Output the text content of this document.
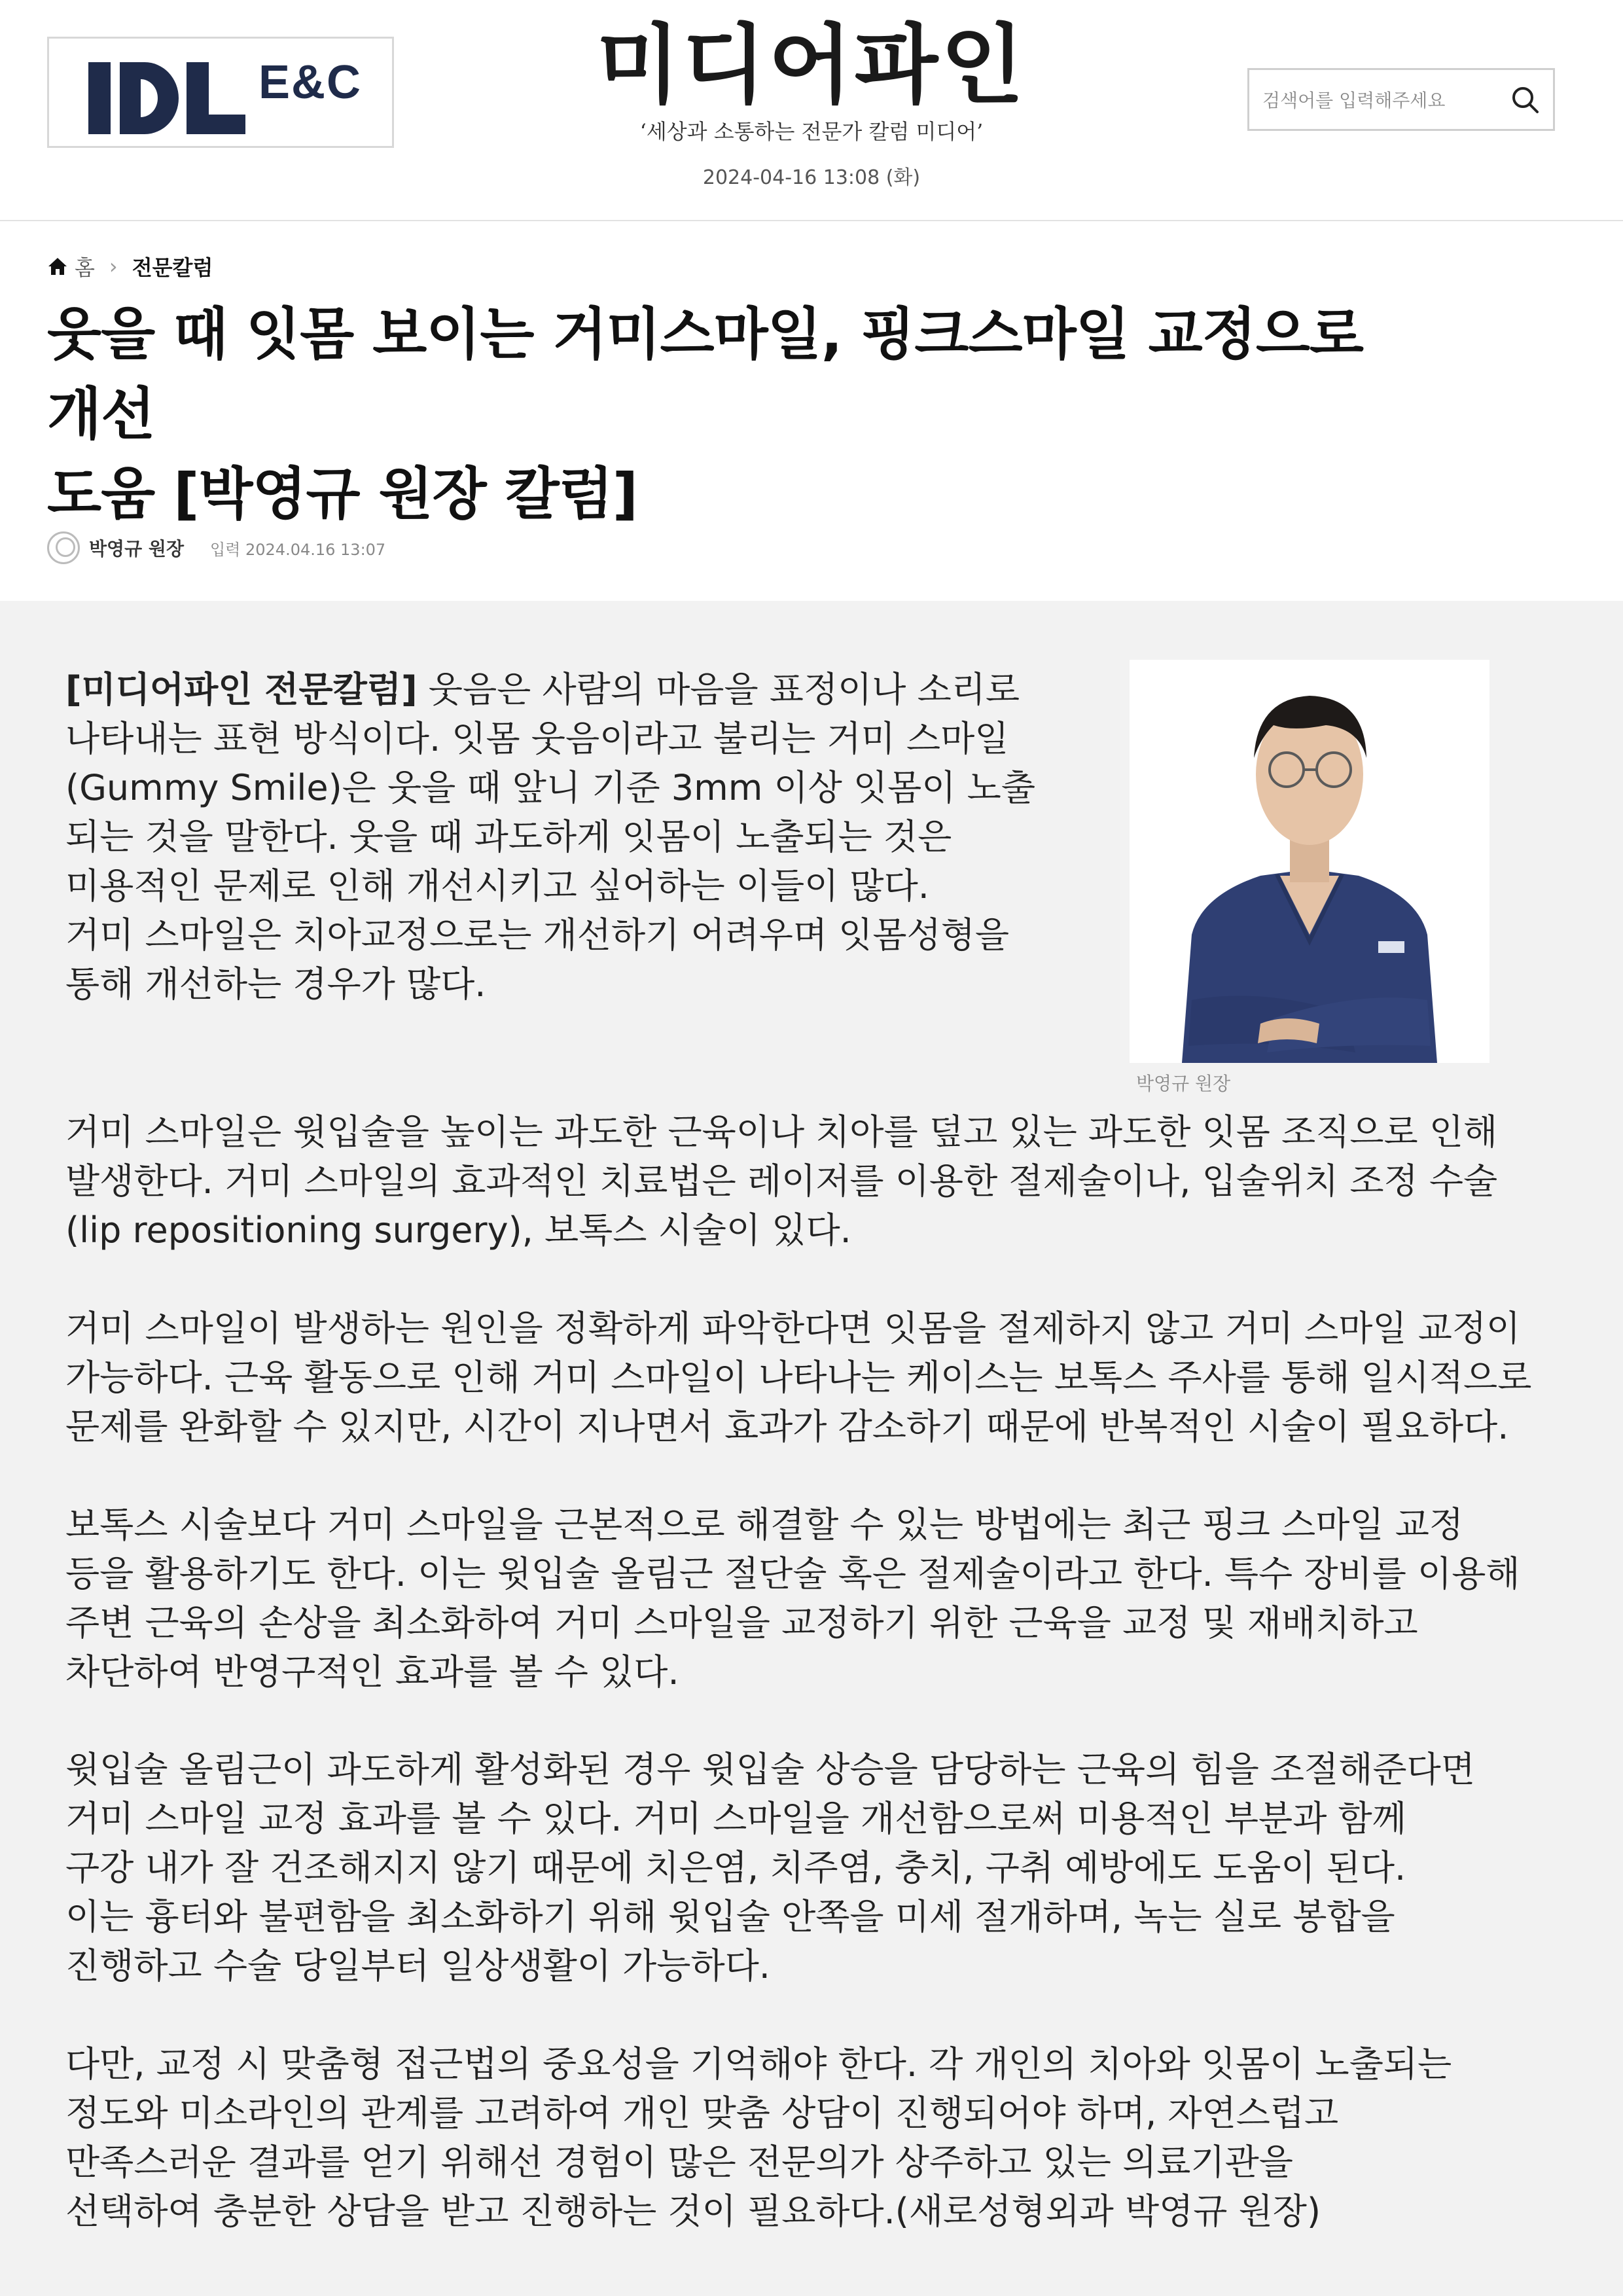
E&C	미디어파인
‘세상과 소통하는 전문가 칼럼 미디어’
2024-04-16 13:08 (화)
검색어를 입력해주세요
홈 › 전문칼럼
웃을 때 잇몸 보이는 거미스마일, 핑크스마일 교정으로 개선
도움 [박영규 원장 칼럼]
박영규 원장 입력 2024.04.16 13:07
[미디어파인 전문칼럼] 웃음은 사람의 마음을 표정이나 소리로
나타내는 표현 방식이다. 잇몸 웃음이라고 불리는 거미 스마일
(Gummy Smile)은 웃을 때 앞니 기준 3mm 이상 잇몸이 노출
되는 것을 말한다. 웃을 때 과도하게 잇몸이 노출되는 것은
미용적인 문제로 인해 개선시키고 싶어하는 이들이 많다.
거미 스마일은 치아교정으로는 개선하기 어려우며 잇몸성형을
통해 개선하는 경우가 많다.
박영규 원장
거미 스마일은 윗입술을 높이는 과도한 근육이나 치아를 덮고 있는 과도한 잇몸 조직으로 인해
발생한다. 거미 스마일의 효과적인 치료법은 레이저를 이용한 절제술이나, 입술위치 조정 수술
(lip repositioning surgery), 보톡스 시술이 있다.
거미 스마일이 발생하는 원인을 정확하게 파악한다면 잇몸을 절제하지 않고 거미 스마일 교정이
가능하다. 근육 활동으로 인해 거미 스마일이 나타나는 케이스는 보톡스 주사를 통해 일시적으로
문제를 완화할 수 있지만, 시간이 지나면서 효과가 감소하기 때문에 반복적인 시술이 필요하다.
보톡스 시술보다 거미 스마일을 근본적으로 해결할 수 있는 방법에는 최근 핑크 스마일 교정
등을 활용하기도 한다. 이는 윗입술 올림근 절단술 혹은 절제술이라고 한다. 특수 장비를 이용해
주변 근육의 손상을 최소화하여 거미 스마일을 교정하기 위한 근육을 교정 및 재배치하고
차단하여 반영구적인 효과를 볼 수 있다.
윗입술 올림근이 과도하게 활성화된 경우 윗입술 상승을 담당하는 근육의 힘을 조절해준다면
거미 스마일 교정 효과를 볼 수 있다. 거미 스마일을 개선함으로써 미용적인 부분과 함께
구강 내가 잘 건조해지지 않기 때문에 치은염, 치주염, 충치, 구취 예방에도 도움이 된다.
이는 흉터와 불편함을 최소화하기 위해 윗입술 안쪽을 미세 절개하며, 녹는 실로 봉합을
진행하고 수술 당일부터 일상생활이 가능하다.
다만, 교정 시 맞춤형 접근법의 중요성을 기억해야 한다. 각 개인의 치아와 잇몸이 노출되는
정도와 미소라인의 관계를 고려하여 개인 맞춤 상담이 진행되어야 하며, 자연스럽고
만족스러운 결과를 얻기 위해선 경험이 많은 전문의가 상주하고 있는 의료기관을
선택하여 충분한 상담을 받고 진행하는 것이 필요하다.(새로성형외과 박영규 원장)
